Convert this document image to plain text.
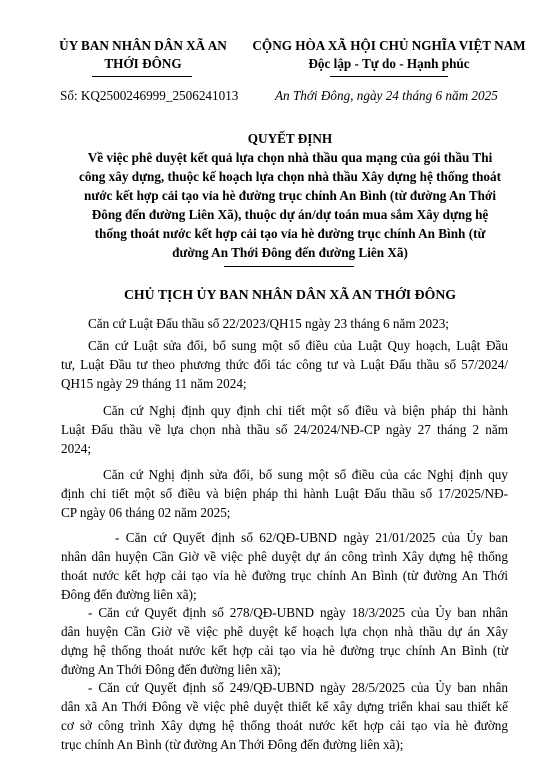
ỦY BAN NHÂN DÂN XÃ AN
THỚI ĐÔNG
CỘNG HÒA XÃ HỘI CHỦ NGHĨA VIỆT NAM
Độc lập - Tự do - Hạnh phúc
Số: KQ2500246999_2506241013	An Thới Đông, ngày 24 tháng 6 năm 2025
QUYẾT ĐỊNH
Về việc phê duyệt kết quả lựa chọn nhà thầu qua mạng của gói thầu Thi
công xây dựng, thuộc kế hoạch lựa chọn nhà thầu Xây dựng hệ thống thoát
nước kết hợp cải tạo vỉa hè đường trục chính An Bình (từ đường An Thới
Đông đến đường Liên Xã), thuộc dự án/dự toán mua sắm Xây dựng hệ
thống thoát nước kết hợp cải tạo vỉa hè đường trục chính An Bình (từ
đường An Thới Đông đến đường Liên Xã)
CHỦ TỊCH ỦY BAN NHÂN DÂN XÃ AN THỚI ĐÔNG
Căn cứ Luật Đấu thầu số 22/2023/QH15 ngày 23 tháng 6 năm 2023;
Căn cứ Luật sửa đổi, bổ sung một số điều của Luật Quy hoạch, Luật Đầu
tư, Luật Đầu tư theo phương thức đối tác công tư và Luật Đấu thầu số 57/2024/
QH15 ngày 29 tháng 11 năm 2024;
Căn cứ Nghị định quy định chi tiết một số điều và biện pháp thi hành
Luật Đấu thầu về lựa chọn nhà thầu số 24/2024/NĐ-CP ngày 27 tháng 2 năm
2024;
Căn cứ Nghị định sửa đổi, bổ sung một số điều của các Nghị định quy
định chi tiết một số điều và biện pháp thi hành Luật Đấu thầu số 17/2025/NĐ-
CP ngày 06 tháng 02 năm 2025;
- Căn cứ Quyết định số 62/QĐ-UBND ngày 21/01/2025 của Ủy ban
nhân dân huyện Cần Giờ về việc phê duyệt dự án công trình Xây dựng hệ thống
thoát nước kết hợp cải tạo vỉa hè đường trục chính An Bình (từ đường An Thới
Đông đến đường liên xã);
- Căn cứ Quyết định số 278/QĐ-UBND ngày 18/3/2025 của Ủy ban nhân
dân huyện Cần Giờ về việc phê duyệt kế hoạch lựa chọn nhà thầu dự án Xây
dựng hệ thống thoát nước kết hợp cải tạo vỉa hè đường trục chính An Bình (từ
đường An Thới Đông đến đường liên xã);
- Căn cứ Quyết định số 249/QĐ-UBND ngày 28/5/2025 của Ủy ban nhân
dân xã An Thới Đông về việc phê duyệt thiết kế xây dựng triển khai sau thiết kế
cơ sở công trình Xây dựng hệ thống thoát nước kết hợp cải tạo vỉa hè đường
trục chính An Bình (từ đường An Thới Đông đến đường liên xã);
